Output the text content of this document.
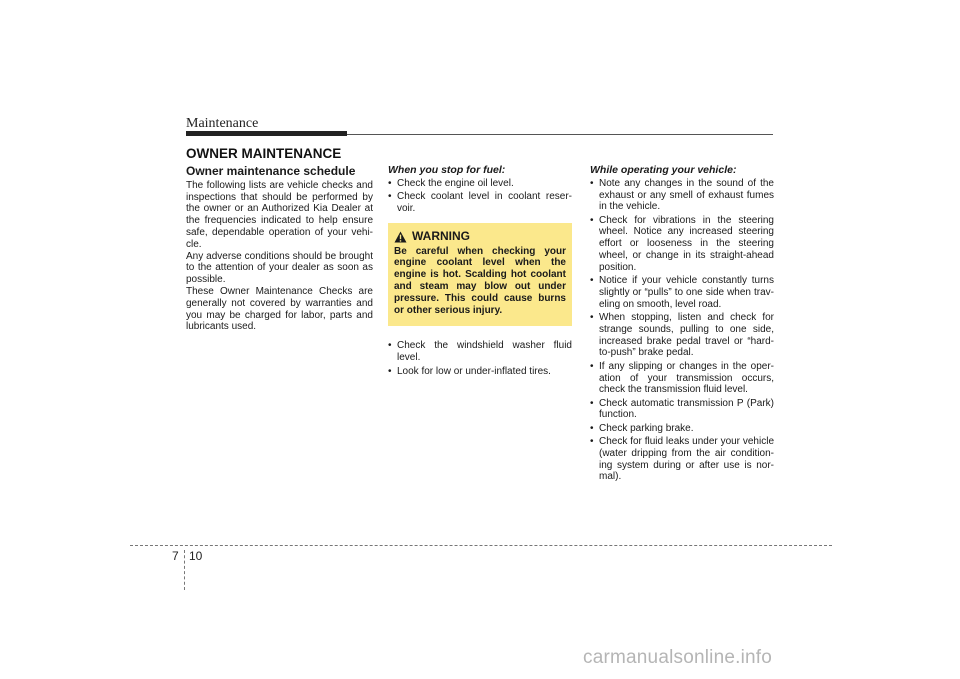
Maintenance
OWNER MAINTENANCE
Owner maintenance schedule

The following lists are vehicle checks and inspections that should be performed by the owner or an Authorized Kia Dealer at the frequencies indicated to help ensure safe, dependable operation of your vehi-cle.

Any adverse conditions should be brought to the attention of your dealer as soon as possible.

These Owner Maintenance Checks are generally not covered by warranties and you may be charged for labor, parts and lubricants used.

When you stop for fuel:
• Check the engine oil level.
• Check coolant level in coolant reser-voir.
WARNING
Be careful when checking your engine coolant level when the engine is hot. Scalding hot coolant and steam may blow out under pressure. This could cause burns or other serious injury.
• Check the windshield washer fluid level.
• Look for low or under-inflated tires.
While operating your vehicle:
• Note any changes in the sound of the exhaust or any smell of exhaust fumes in the vehicle.
• Check for vibrations in the steering wheel. Notice any increased steering effort or looseness in the steering wheel, or change in its straight-ahead position.
• Notice if your vehicle constantly turns slightly or “pulls” to one side when trav-eling on smooth, level road.
• When stopping, listen and check for strange sounds, pulling to one side, increased brake pedal travel or “hard-to-push” brake pedal.
• If any slipping or changes in the oper-ation of your transmission occurs, check the transmission fluid level.
• Check automatic transmission P (Park) function.
• Check parking brake.
• Check for fluid leaks under your vehicle (water dripping from the air condition-ing system during or after use is nor-mal).
7 10
carmanualsonline.info
